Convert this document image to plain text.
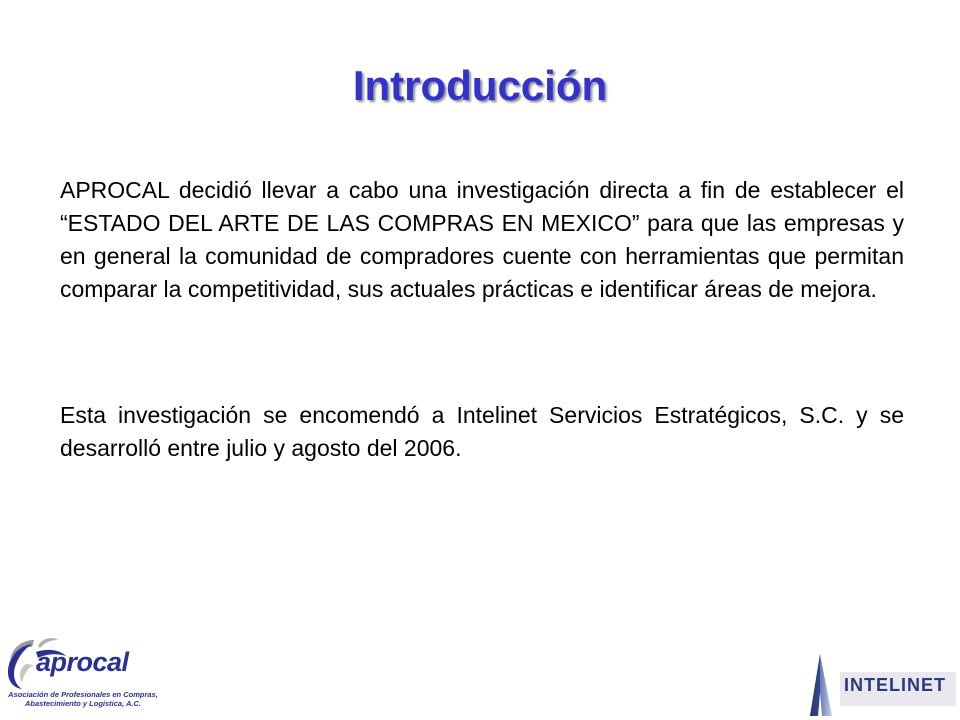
Introducción

APROCAL decidió llevar a cabo una investigación directa a fin de establecer el “ESTADO DEL ARTE DE LAS COMPRAS EN MEXICO” para que las empresas y en general la comunidad de compradores cuente con herramientas que permitan comparar la competitividad, sus actuales prácticas e identificar áreas de mejora.

Esta investigación se encomendó a Intelinet Servicios Estratégicos, S.C. y se desarrolló entre julio y agosto del 2006.

aprocal
Asociación de Profesionales en Compras,
Abastecimiento y Logística, A.C.
INTELINET
